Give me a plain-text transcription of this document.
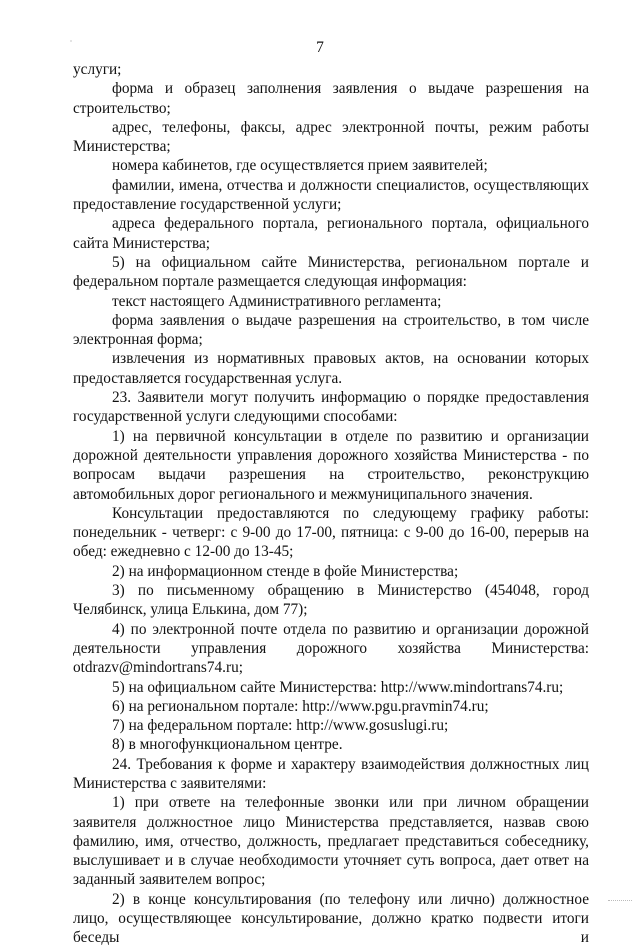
7

услуги;

форма и образец заполнения заявления о выдаче разрешения на строительство;

адрес, телефоны, факсы, адрес электронной почты, режим работы Министерства;

номера кабинетов, где осуществляется прием заявителей;

фамилии, имена, отчества и должности специалистов, осуществляющих предоставление государственной услуги;

адреса федерального портала, регионального портала, официального сайта Министерства;

5) на официальном сайте Министерства, региональном портале и федеральном портале размещается следующая информация:

текст настоящего Административного регламента;

форма заявления о выдаче разрешения на строительство, в том числе электронная форма;

извлечения из нормативных правовых актов, на основании которых предоставляется государственная услуга.

23. Заявители могут получить информацию о порядке предоставления государственной услуги следующими способами:

1) на первичной консультации в отделе по развитию и организации дорожной деятельности управления дорожного хозяйства Министерства - по вопросам выдачи разрешения на строительство, реконструкцию автомобильных дорог регионального и межмуниципального значения.

Консультации предоставляются по следующему графику работы: понедельник - четверг: с 9-00 до 17-00, пятница: с 9-00 до 16-00, перерыв на обед: ежедневно с 12-00 до 13-45;

2) на информационном стенде в фойе Министерства;

3) по письменному обращению в Министерство (454048, город Челябинск, улица Елькина, дом 77);

4) по электронной почте отдела по развитию и организации дорожной деятельности управления дорожного хозяйства Министерства: otdrazv@mindortrans74.ru;

5) на официальном сайте Министерства: http://www.mindortrans74.ru;

6) на региональном портале: http://www.pgu.pravmin74.ru;

7) на федеральном портале: http://www.gosuslugi.ru;

8) в многофункциональном центре.

24. Требования к форме и характеру взаимодействия должностных лиц Министерства с заявителями:

1) при ответе на телефонные звонки или при личном обращении заявителя должностное лицо Министерства представляется, назвав свою фамилию, имя, отчество, должность, предлагает представиться собеседнику, выслушивает и в случае необходимости уточняет суть вопроса, дает ответ на заданный заявителем вопрос;

2) в конце консультирования (по телефону или лично) должностное лицо, осуществляющее консультирование, должно кратко подвести итоги беседы и
